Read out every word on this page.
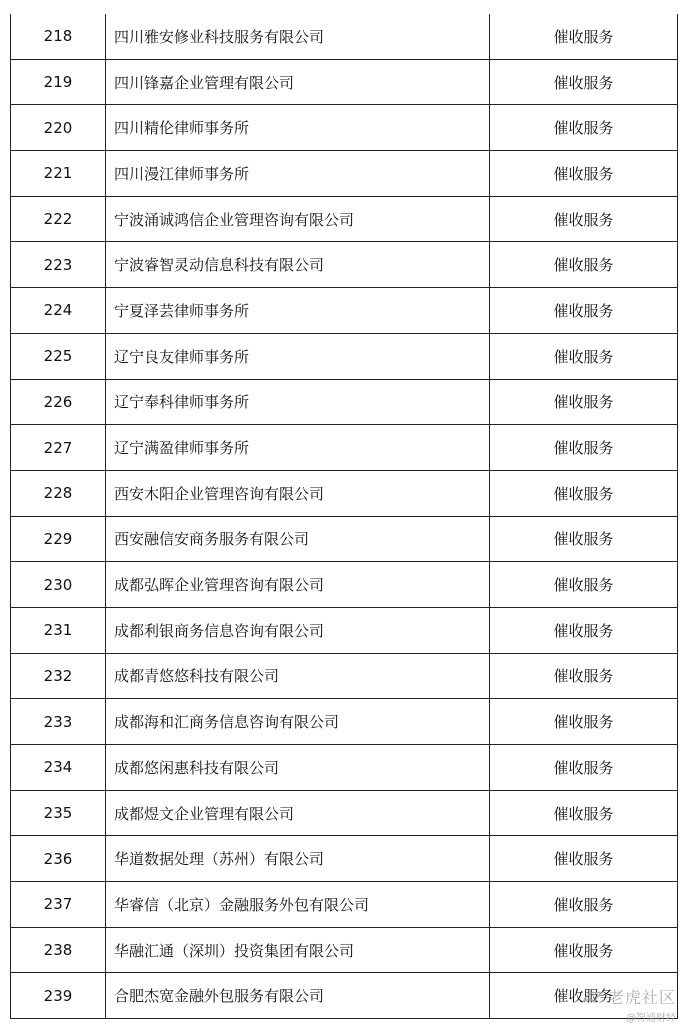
218	四川雅安修业科技服务有限公司	催收服务
219	四川锋嘉企业管理有限公司	催收服务
220	四川精伦律师事务所	催收服务
221	四川漫江律师事务所	催收服务
222	宁波涌诚鸿信企业管理咨询有限公司	催收服务
223	宁波睿智灵动信息科技有限公司	催收服务
224	宁夏泽芸律师事务所	催收服务
225	辽宁良友律师事务所	催收服务
226	辽宁奉科律师事务所	催收服务
227	辽宁满盈律师事务所	催收服务
228	西安木阳企业管理咨询有限公司	催收服务
229	西安融信安商务服务有限公司	催收服务
230	成都弘晖企业管理咨询有限公司	催收服务
231	成都利银商务信息咨询有限公司	催收服务
232	成都青悠悠科技有限公司	催收服务
233	成都海和汇商务信息咨询有限公司	催收服务
234	成都悠闲惠科技有限公司	催收服务
235	成都煜文企业管理有限公司	催收服务
236	华道数据处理（苏州）有限公司	催收服务
237	华睿信（北京）金融服务外包有限公司	催收服务
238	华融汇通（深圳）投资集团有限公司	催收服务
239	合肥杰宽金融外包服务有限公司	催收服务
老虎社区
@智通财经
